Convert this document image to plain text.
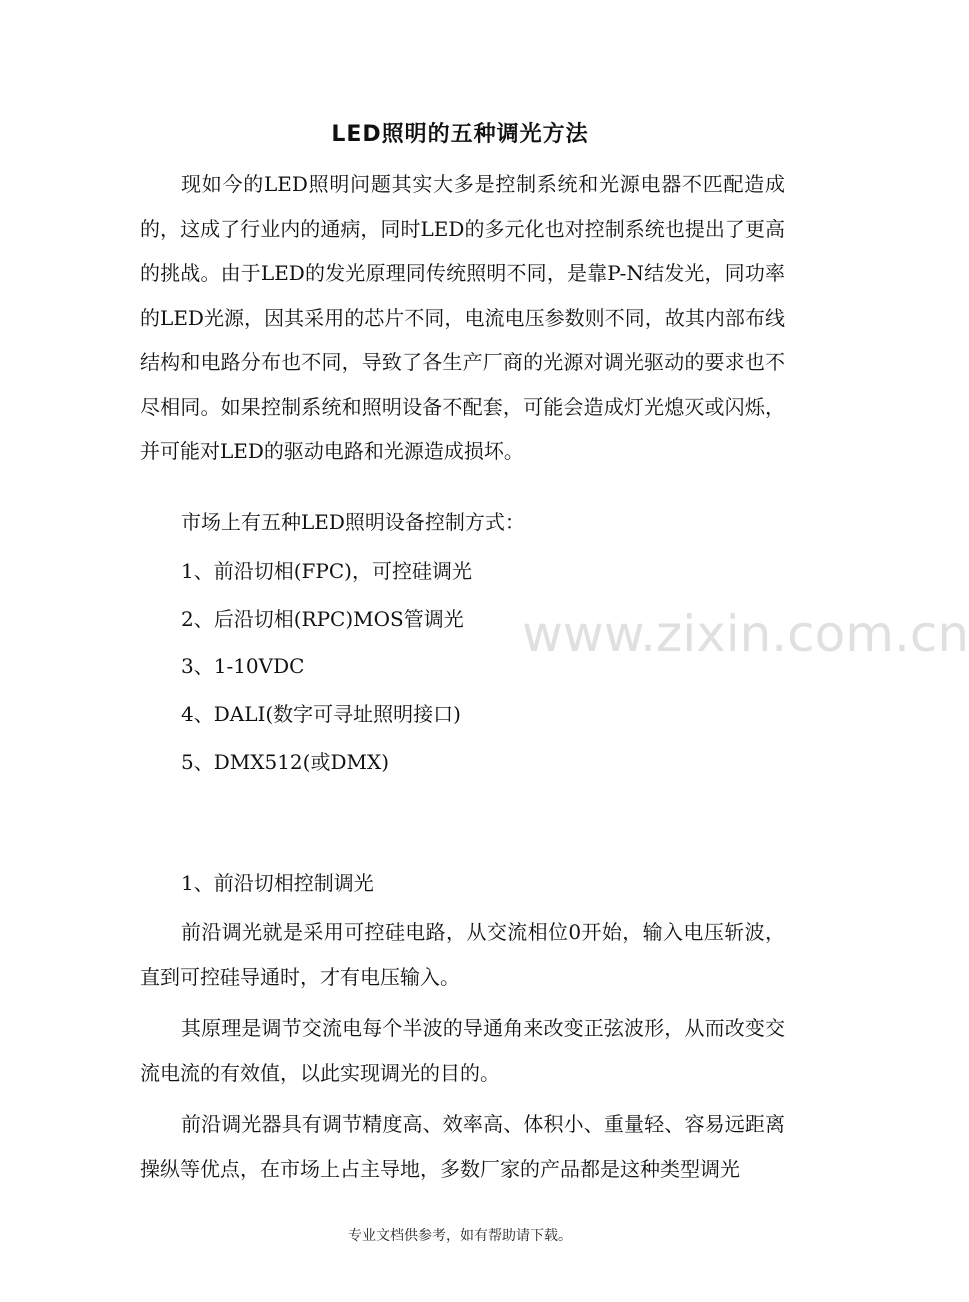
LED照明的五种调光方法

现如今的LED照明问题其实大多是控制系统和光源电器不匹配造成的，这成了行业内的通病，同时LED的多元化也对控制系统也提出了更高的挑战。由于LED的发光原理同传统照明不同，是靠P-N结发光，同功率的LED光源，因其采用的芯片不同，电流电压参数则不同，故其内部布线结构和电路分布也不同，导致了各生产厂商的光源对调光驱动的要求也不尽相同。如果控制系统和照明设备不配套，可能会造成灯光熄灭或闪烁，并可能对LED的驱动电路和光源造成损坏。

市场上有五种LED照明设备控制方式：

1、前沿切相(FPC)，可控硅调光

2、后沿切相(RPC)MOS管调光

3、1-10VDC

4、DALI(数字可寻址照明接口)

5、DMX512(或DMX)

1、前沿切相控制调光

前沿调光就是采用可控硅电路，从交流相位0开始，输入电压斩波，直到可控硅导通时，才有电压输入。

其原理是调节交流电每个半波的导通角来改变正弦波形，从而改变交流电流的有效值，以此实现调光的目的。

前沿调光器具有调节精度高、效率高、体积小、重量轻、容易远距离操纵等优点，在市场上占主导地，多数厂家的产品都是这种类型调光

www.zixin.com.cn
专业文档供参考，如有帮助请下载。
